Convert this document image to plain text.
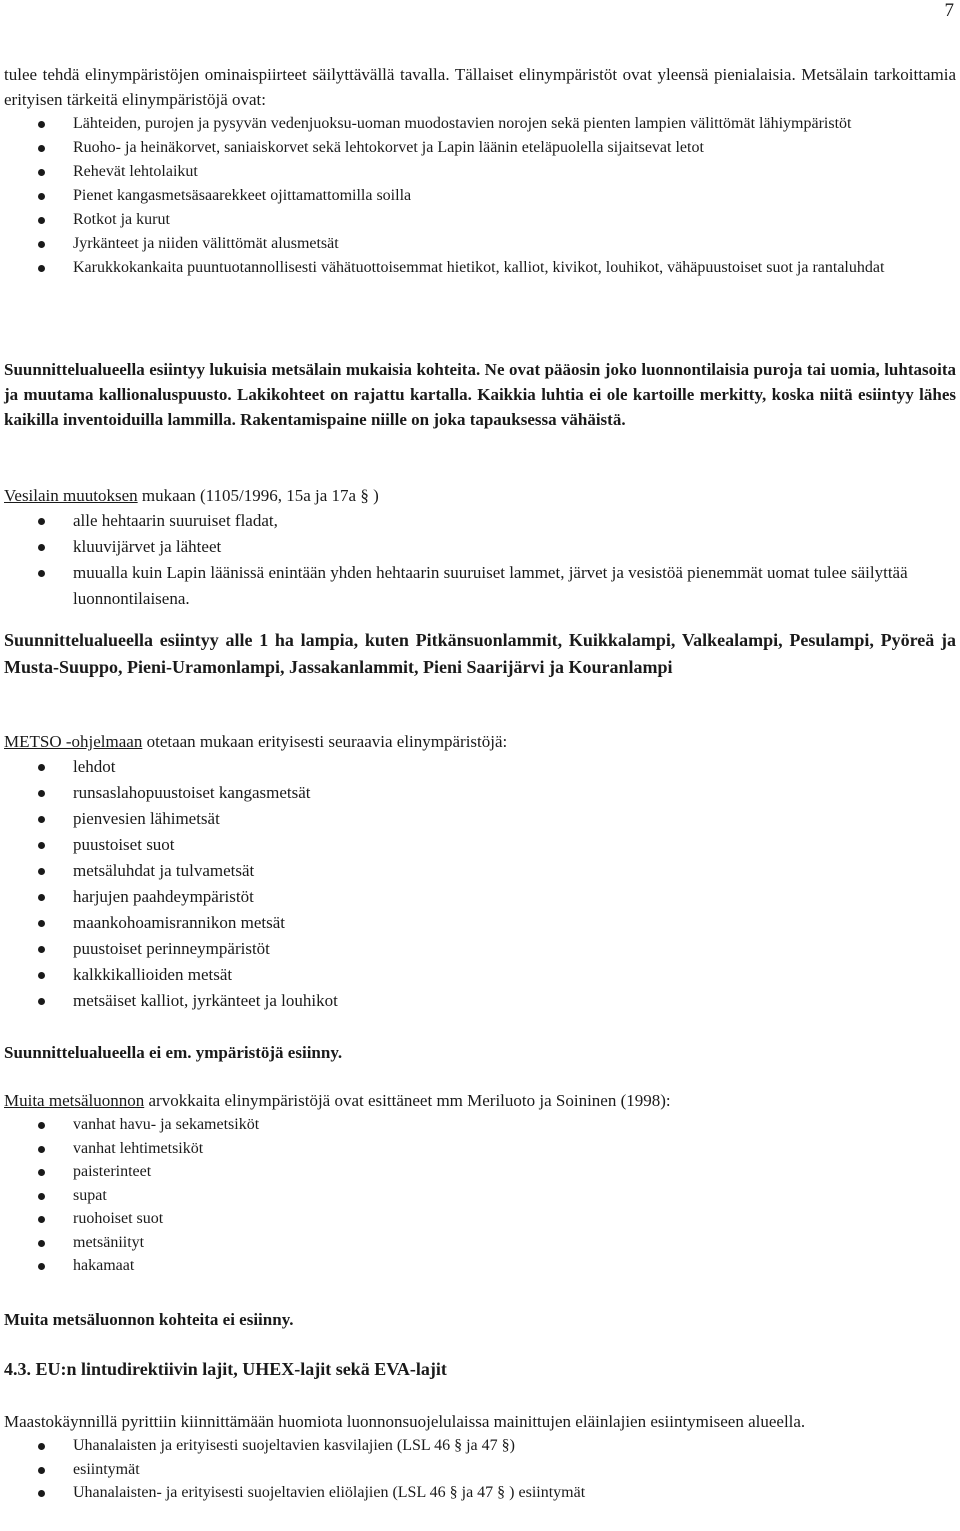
7

tulee tehdä elinympäristöjen ominaispiirteet säilyttävällä tavalla. Tällaiset elinympäristöt ovat yleensä pienialaisia. Metsälain tarkoittamia erityisen tärkeitä elinympäristöjä ovat:

Lähteiden, purojen ja pysyvän vedenjuoksu-uoman muodostavien norojen sekä pienten lampien välittömät lähiympäristöt
Ruoho- ja heinäkorvet, saniaiskorvet sekä lehtokorvet ja Lapin läänin eteläpuolella sijaitsevat letot
Rehevät lehtolaikut
Pienet kangasmetsäsaarekkeet ojittamattomilla soilla
Rotkot ja kurut
Jyrkänteet ja niiden välittömät alusmetsät
Karukkokankaita puuntuotannollisesti vähätuottoisemmat hietikot, kalliot, kivikot, louhikot, vähäpuustoiset suot ja rantaluhdat

Suunnittelualueella esiintyy lukuisia metsälain mukaisia kohteita. Ne ovat pääosin joko luonnontilaisia puroja tai uomia, luhtasoita ja muutama kallionaluspuusto. Lakikohteet on rajattu kartalla. Kaikkia luhtia ei ole kartoille merkitty, koska niitä esiintyy lähes kaikilla inventoiduilla lammilla. Rakentamispaine niille on joka tapauksessa vähäistä.

Vesilain muutoksen mukaan (1105/1996, 15a ja 17a § )

alle hehtaarin suuruiset fladat,
kluuvijärvet ja lähteet
muualla kuin Lapin läänissä enintään yhden hehtaarin suuruiset lammet, järvet ja vesistöä pienemmät uomat tulee säilyttää luonnontilaisena.

Suunnittelualueella esiintyy alle 1 ha lampia, kuten Pitkänsuonlammit, Kuikkalampi, Valkealampi, Pesulampi, Pyöreä ja Musta-Suuppo, Pieni-Uramonlampi, Jassakanlammit, Pieni Saarijärvi ja Kouranlampi

METSO -ohjelmaan otetaan mukaan erityisesti seuraavia elinympäristöjä:

lehdot
runsaslahopuustoiset kangasmetsät
pienvesien lähimetsät
puustoiset suot
metsäluhdat ja tulvametsät
harjujen paahdeympäristöt
maankohoamisrannikon metsät
puustoiset perinneympäristöt
kalkkikallioiden metsät
metsäiset kalliot, jyrkänteet ja louhikot

Suunnittelualueella ei em. ympäristöjä esiinny.

Muita metsäluonnon arvokkaita elinympäristöjä ovat esittäneet mm Meriluoto ja Soininen (1998):

vanhat havu- ja sekametsiköt
vanhat lehtimetsiköt
paisterinteet
supat
ruohoiset suot
metsäniityt
hakamaat

Muita metsäluonnon kohteita ei esiinny.

4.3. EU:n lintudirektiivin lajit, UHEX-lajit sekä EVA-lajit

Maastokäynnillä pyrittiin kiinnittämään huomiota luonnonsuojelulaissa mainittujen eläinlajien esiintymiseen alueella.

Uhanalaisten ja erityisesti suojeltavien kasvilajien (LSL 46 § ja 47 §)
esiintymät
Uhanalaisten- ja erityisesti suojeltavien eliölajien (LSL 46 § ja 47 § ) esiintymät
